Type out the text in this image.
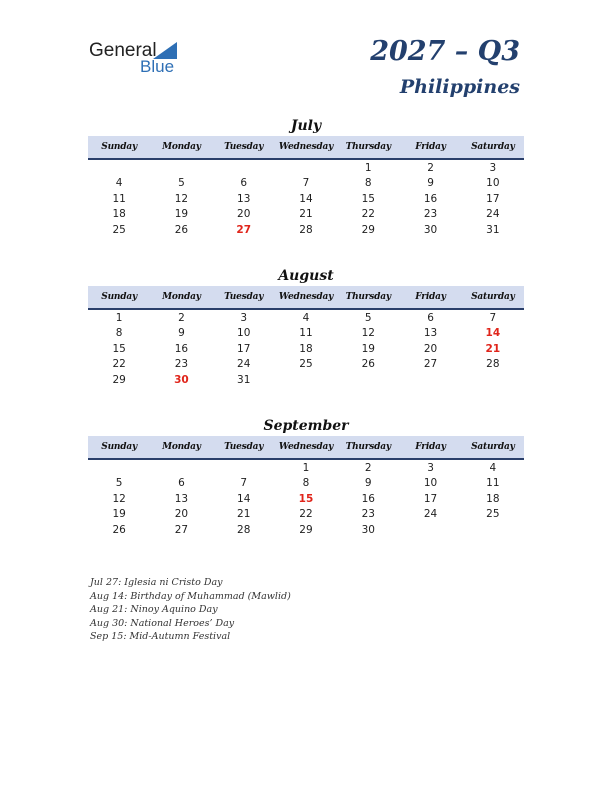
General
Blue	2027 – Q3
Philippines
July
Sunday	Monday	Tuesday	Wednesday	Thursday	Friday	Saturday
				1	2	3
4	5	6	7	8	9	10
11	12	13	14	15	16	17
18	19	20	21	22	23	24
25	26	27	28	29	30	31
August
Sunday	Monday	Tuesday	Wednesday	Thursday	Friday	Saturday
1	2	3	4	5	6	7
8	9	10	11	12	13	14
15	16	17	18	19	20	21
22	23	24	25	26	27	28
29	30	31				
September
Sunday	Monday	Tuesday	Wednesday	Thursday	Friday	Saturday
			1	2	3	4
5	6	7	8	9	10	11
12	13	14	15	16	17	18
19	20	21	22	23	24	25
26	27	28	29	30		
Jul 27: Iglesia ni Cristo Day
Aug 14: Birthday of Muhammad (Mawlid)
Aug 21: Ninoy Aquino Day
Aug 30: National Heroes’ Day
Sep 15: Mid-Autumn Festival
